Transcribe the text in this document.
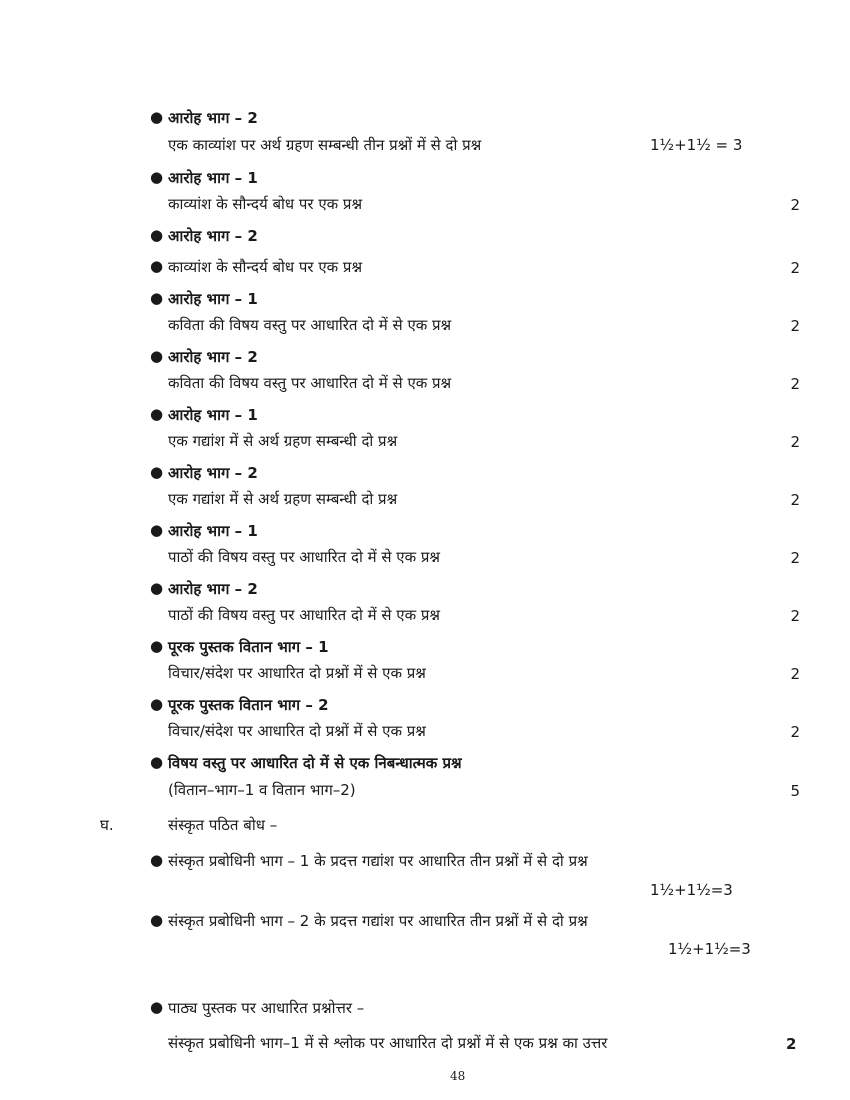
● आरोह भाग – 2
एक काव्यांश पर अर्थ ग्रहण सम्बन्धी तीन प्रश्नों में से दो प्रश्न	1½+1½ = 3
● आरोह भाग – 1
काव्यांश के सौन्दर्य बोध पर एक प्रश्न	2
● आरोह भाग – 2
● काव्यांश के सौन्दर्य बोध पर एक प्रश्न	2
● आरोह भाग – 1
कविता की विषय वस्तु पर आधारित दो में से एक प्रश्न	2
● आरोह भाग – 2
कविता की विषय वस्तु पर आधारित दो में से एक प्रश्न	2
● आरोह भाग – 1
एक गद्यांश में से अर्थ ग्रहण सम्बन्धी दो प्रश्न	2
● आरोह भाग – 2
एक गद्यांश में से अर्थ ग्रहण सम्बन्धी दो प्रश्न	2
● आरोह भाग – 1
पाठों की विषय वस्तु पर आधारित दो में से एक प्रश्न	2
● आरोह भाग – 2
पाठों की विषय वस्तु पर आधारित दो में से एक प्रश्न	2
● पूरक पुस्तक वितान भाग – 1
विचार/संदेश पर आधारित दो प्रश्नों में से एक प्रश्न	2
● पूरक पुस्तक वितान भाग – 2
विचार/संदेश पर आधारित दो प्रश्नों में से एक प्रश्न	2
● विषय वस्तु पर आधारित दो में से एक निबन्धात्मक प्रश्न
(वितान–भाग–1 व वितान भाग–2)	5
घ.	संस्कृत पठित बोध –
● संस्कृत प्रबोधिनी भाग – 1 के प्रदत्त गद्यांश पर आधारित तीन प्रश्नों में से दो प्रश्न
1½+1½=3
● संस्कृत प्रबोधिनी भाग – 2 के प्रदत्त गद्यांश पर आधारित तीन प्रश्नों में से दो प्रश्न
1½+1½=3
● पाठ्य पुस्तक पर आधारित प्रश्नोत्तर –
संस्कृत प्रबोधिनी भाग–1 में से श्लोक पर आधारित दो प्रश्नों में से एक प्रश्न का उत्तर	2
48
